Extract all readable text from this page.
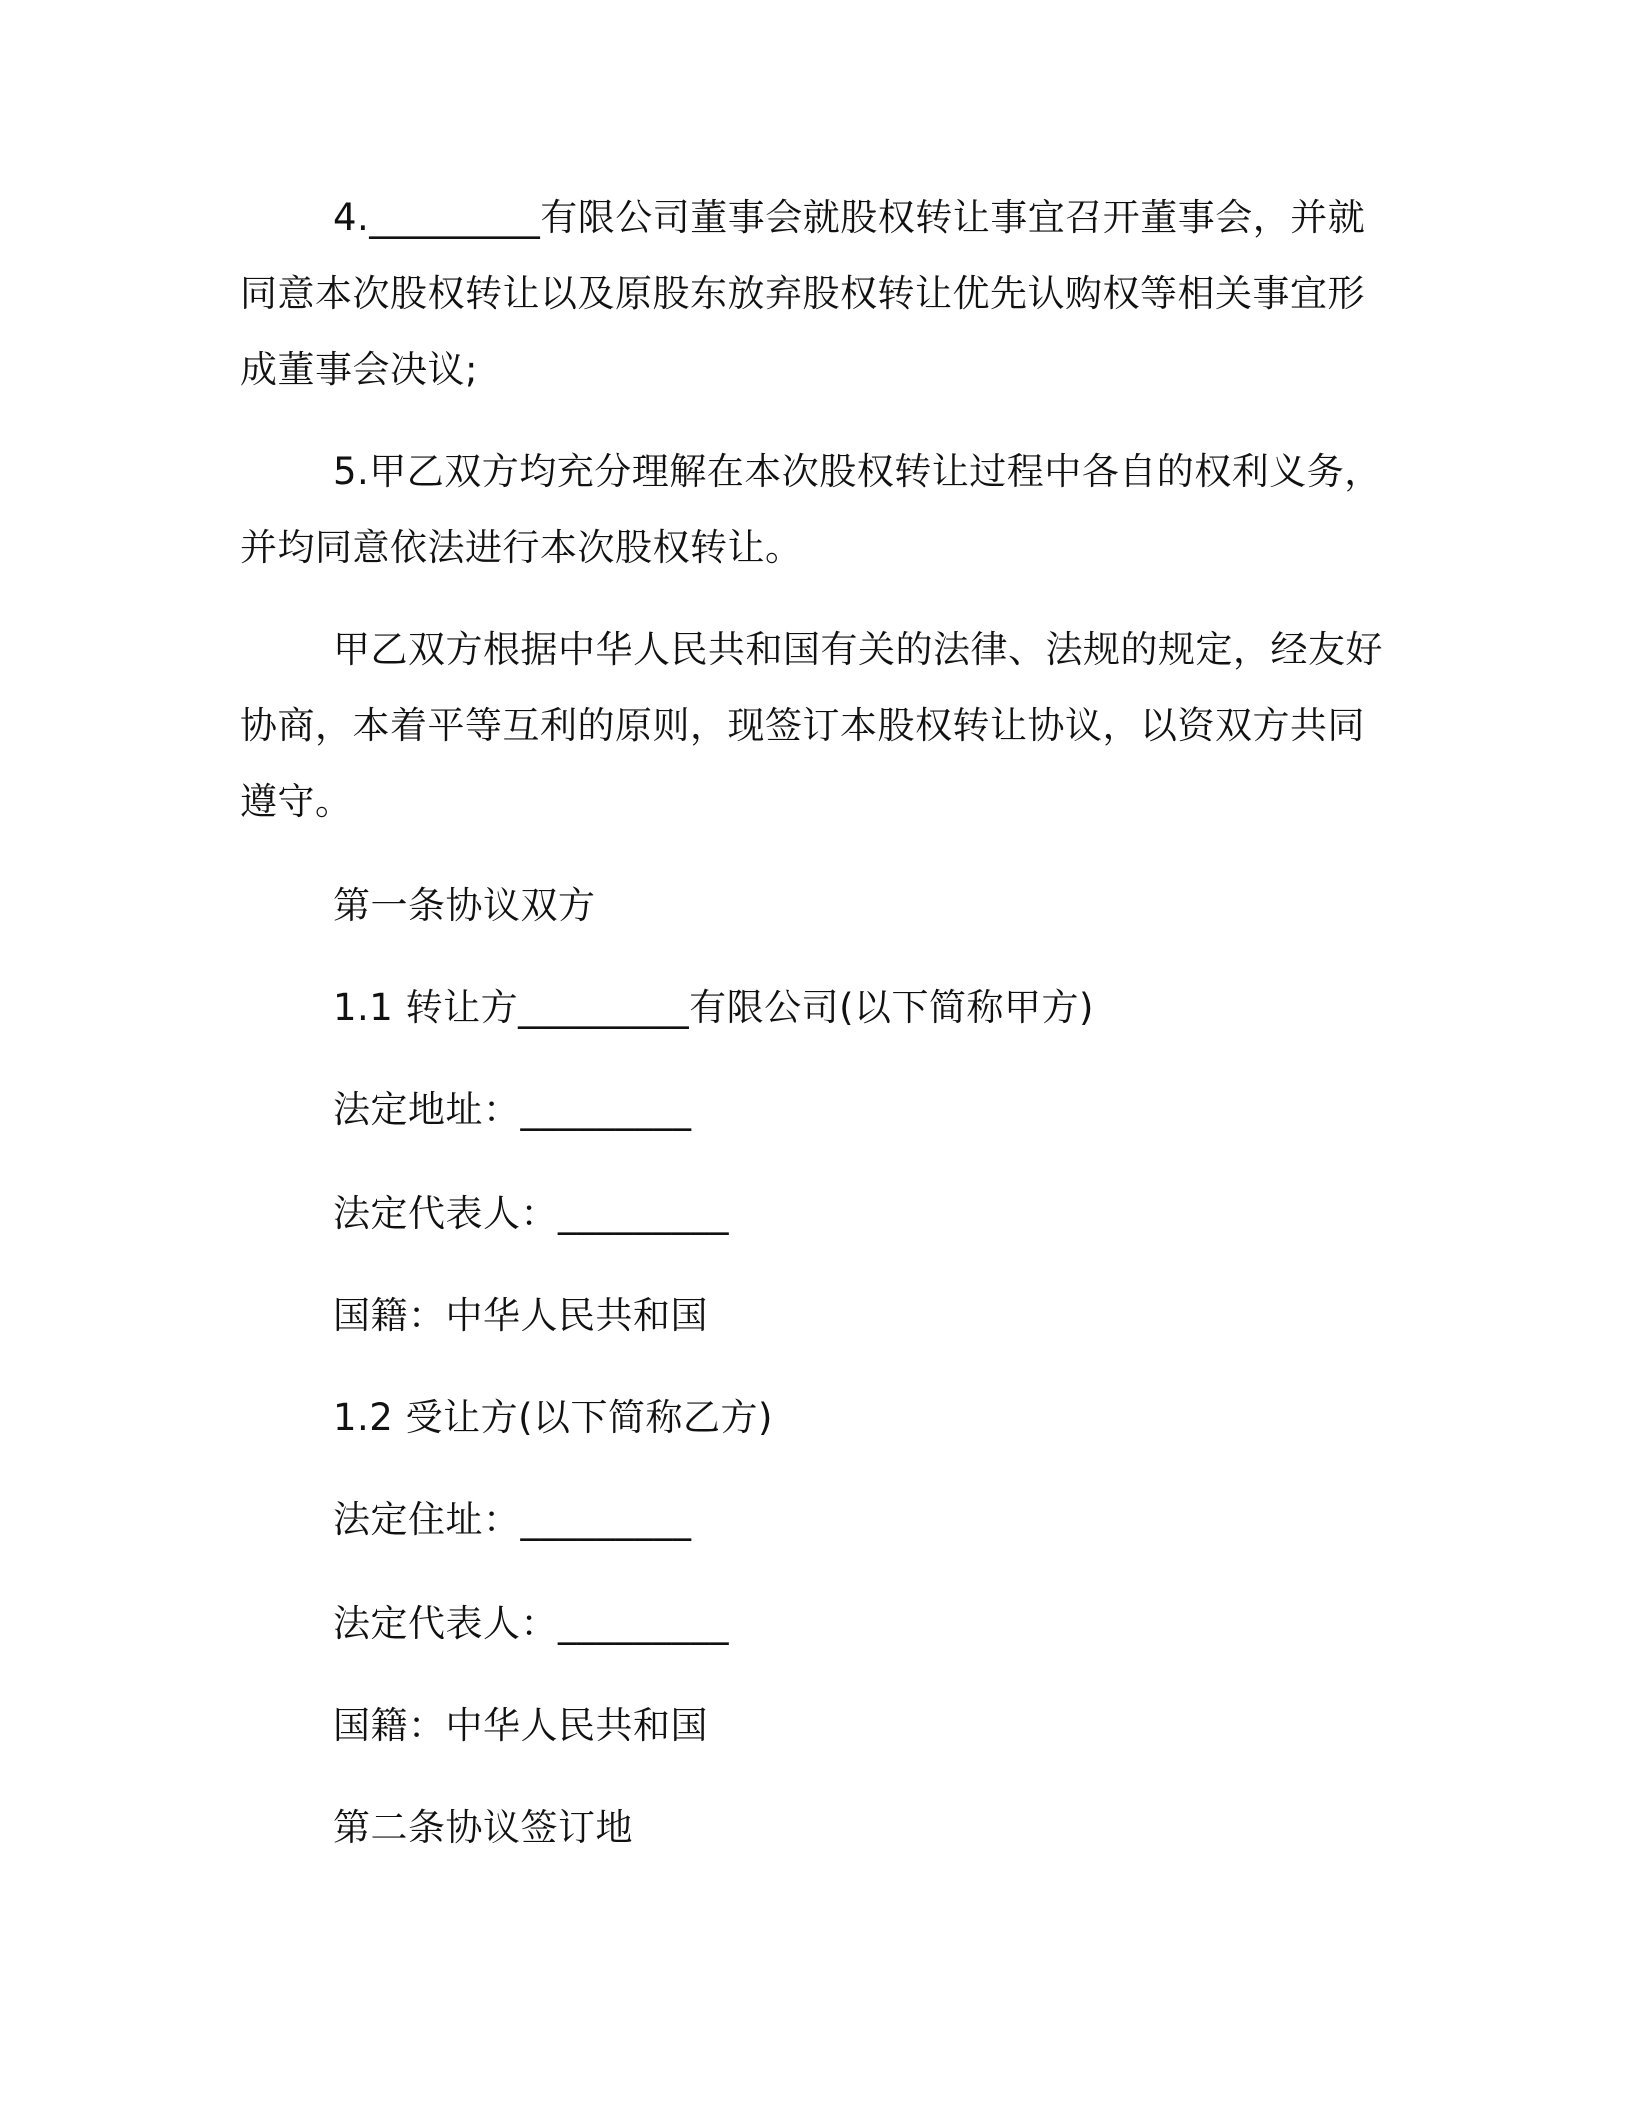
4._________有限公司董事会就股权转让事宜召开董事会，并就
同意本次股权转让以及原股东放弃股权转让优先认购权等相关事宜形
成董事会决议;
5.甲乙双方均充分理解在本次股权转让过程中各自的权利义务，
并均同意依法进行本次股权转让。
甲乙双方根据中华人民共和国有关的法律、法规的规定，经友好
协商，本着平等互利的原则，现签订本股权转让协议，以资双方共同
遵守。
第一条协议双方
1.1 转让方_________有限公司(以下简称甲方)
法定地址：_________
法定代表人：_________
国籍：中华人民共和国
1.2 受让方(以下简称乙方)
法定住址：_________
法定代表人：_________
国籍：中华人民共和国
第二条协议签订地
